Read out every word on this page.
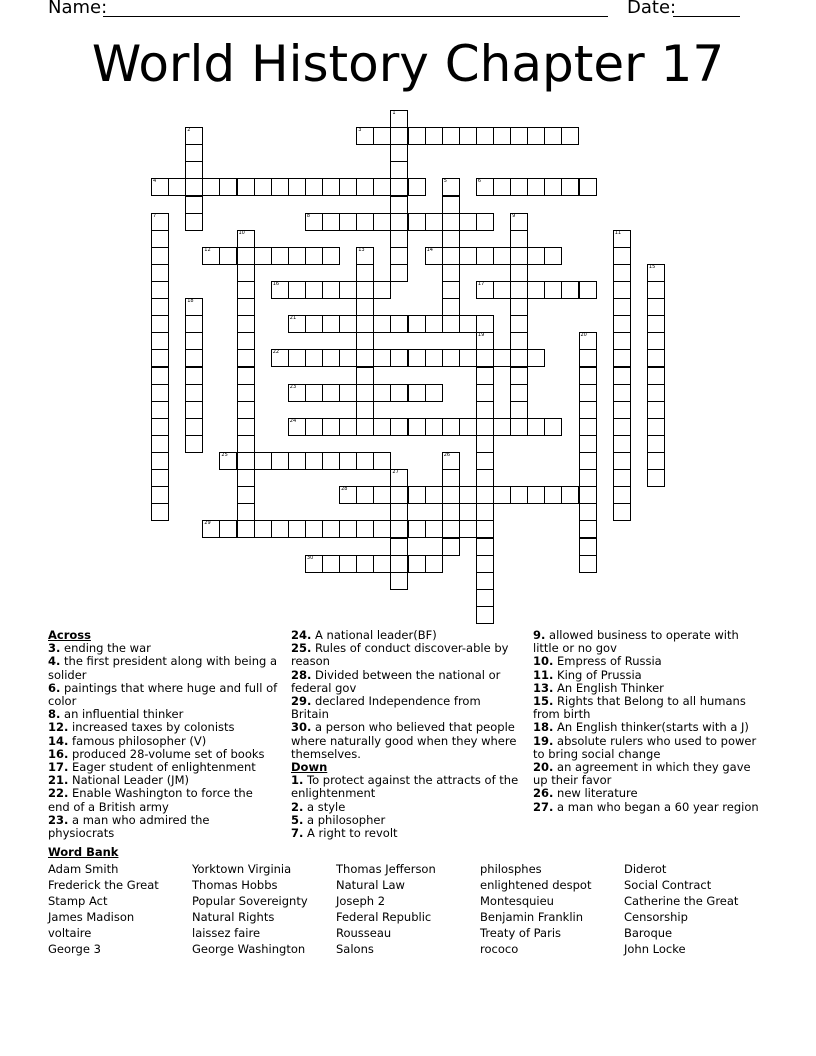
Name:	Date:
World History Chapter 17
3
4	6
8
12	14
17
16
21
22
23
24
25
28
29
30
1
2
5
7	9
10	11
13
15
18
19	20
26
27
Across
3. ending the war
4. the first president along with being a solider
6. paintings that where huge and full of color
8. an influential thinker
12. increased taxes by colonists
14. famous philosopher (V)
16. produced 28-volume set of books
17. Eager student of enlightenment
21. National Leader (JM)
22. Enable Washington to force the end of a British army
23. a man who admired the physiocrats
24. A national leader(BF)
25. Rules of conduct discover-able by reason
28. Divided between the national or federal gov
29. declared Independence from Britain
30. a person who believed that people where naturally good when they where themselves.
Down
1. To protect against the attracts of the enlightenment
2. a style
5. a philosopher
7. A right to revolt
9. allowed business to operate with little or no gov
10. Empress of Russia
11. King of Prussia
13. An English Thinker
15. Rights that Belong to all humans from birth
18. An English thinker(starts with a J)
19. absolute rulers who used to power to bring social change
20. an agreement in which they gave up their favor
26. new literature
27. a man who began a 60 year region
Word Bank
Adam Smith
Frederick the Great
Stamp Act
James Madison
voltaire
George 3
Yorktown Virginia
Thomas Hobbs
Popular Sovereignty
Natural Rights
laissez faire
George Washington
Thomas Jefferson
Natural Law
Joseph 2
Federal Republic
Rousseau
Salons
philosphes
enlightened despot
Montesquieu
Benjamin Franklin
Treaty of Paris
rococo
Diderot
Social Contract
Catherine the Great
Censorship
Baroque
John Locke
